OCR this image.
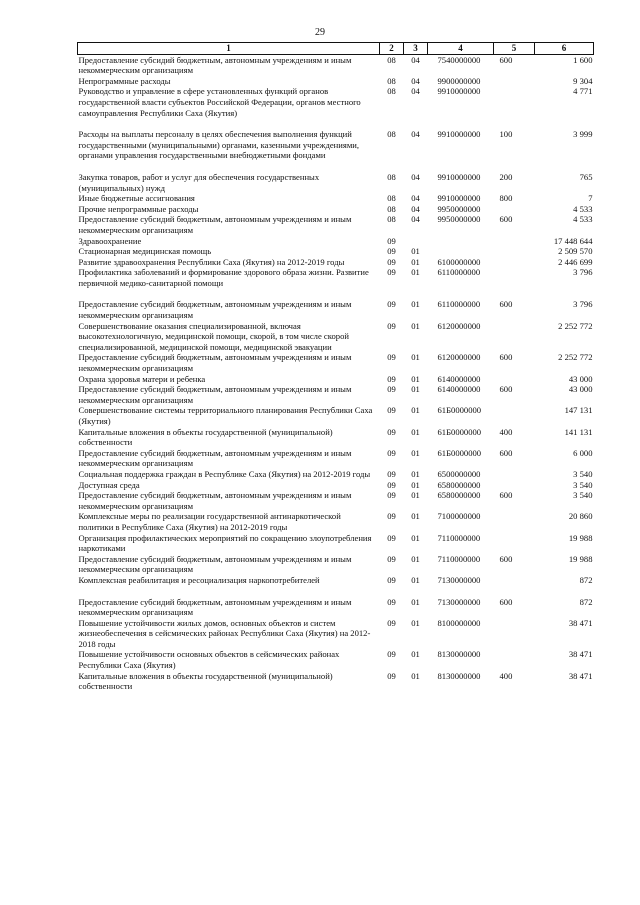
29
1	2	3	4	5	6
Предоставление субсидий бюджетным, автономным учреждениям и иным некоммерческим организациям	08	04	7540000000	600	1 600
Непрограммные расходы	08	04	9900000000		9 304
Руководство и управление в сфере установленных функций органов государственной власти субъектов Российской Федерации, органов местного самоуправления Республики Саха (Якутия)	08	04	9910000000		4 771
Расходы на выплаты персоналу в целях обеспечения выполнения функций государственными (муниципальными) органами, казенными учреждениями, органами управления государственными внебюджетными фондами	08	04	9910000000	100	3 999
Закупка товаров, работ и услуг для обеспечения государственных (муниципальных) нужд	08	04	9910000000	200	765
Иные бюджетные ассигнования	08	04	9910000000	800	7
Прочие непрограммные расходы	08	04	9950000000		4 533
Предоставление субсидий бюджетным, автономным учреждениям и иным некоммерческим организациям	08	04	9950000000	600	4 533
Здравоохранение	09				17 448 644
Стационарная медицинская помощь	09	01			2 509 570
Развитие здравоохранения Республики Саха (Якутия) на 2012-2019 годы	09	01	6100000000		2 446 699
Профилактика заболеваний и формирование здорового образа жизни. Развитие первичной медико-санитарной помощи	09	01	6110000000		3 796
Предоставление субсидий бюджетным, автономным учреждениям и иным некоммерческим организациям	09	01	6110000000	600	3 796
Совершенствование оказания специализированной, включая высокотехнологичную, медицинской помощи, скорой, в том числе скорой специализированной, медицинской помощи, медицинской эвакуации	09	01	6120000000		2 252 772
Предоставление субсидий бюджетным, автономным учреждениям и иным некоммерческим организациям	09	01	6120000000	600	2 252 772
Охрана здоровья матери и ребенка	09	01	6140000000		43 000
Предоставление субсидий бюджетным, автономным учреждениям и иным некоммерческим организациям	09	01	6140000000	600	43 000
Совершенствование системы территориального планирования Республики Саха (Якутия)	09	01	61Б0000000		147 131
Капитальные вложения в объекты государственной (муниципальной) собственности	09	01	61Б0000000	400	141 131
Предоставление субсидий бюджетным, автономным учреждениям и иным некоммерческим организациям	09	01	61Б0000000	600	6 000
Социальная поддержка граждан в Республике Саха (Якутия) на 2012-2019 годы	09	01	6500000000		3 540
Доступная среда	09	01	6580000000		3 540
Предоставление субсидий бюджетным, автономным учреждениям и иным некоммерческим организациям	09	01	6580000000	600	3 540
Комплексные меры по реализации государственной антинаркотической политики в Республике Саха (Якутия) на 2012-2019 годы	09	01	7100000000		20 860
Организация профилактических мероприятий по сокращению злоупотребления наркотиками	09	01	7110000000		19 988
Предоставление субсидий бюджетным, автономным учреждениям и иным некоммерческим организациям	09	01	7110000000	600	19 988
Комплексная реабилитация и ресоциализация наркопотребителей	09	01	7130000000		872
Предоставление субсидий бюджетным, автономным учреждениям и иным некоммерческим организациям	09	01	7130000000	600	872
Повышение устойчивости жилых домов, основных объектов и систем жизнеобеспечения в сейсмических районах Республики Саха (Якутия) на 2012-2018 годы	09	01	8100000000		38 471
Повышение устойчивости основных объектов в сейсмических районах Республики Саха (Якутия)	09	01	8130000000		38 471
Капитальные вложения в объекты государственной (муниципальной) собственности	09	01	8130000000	400	38 471
